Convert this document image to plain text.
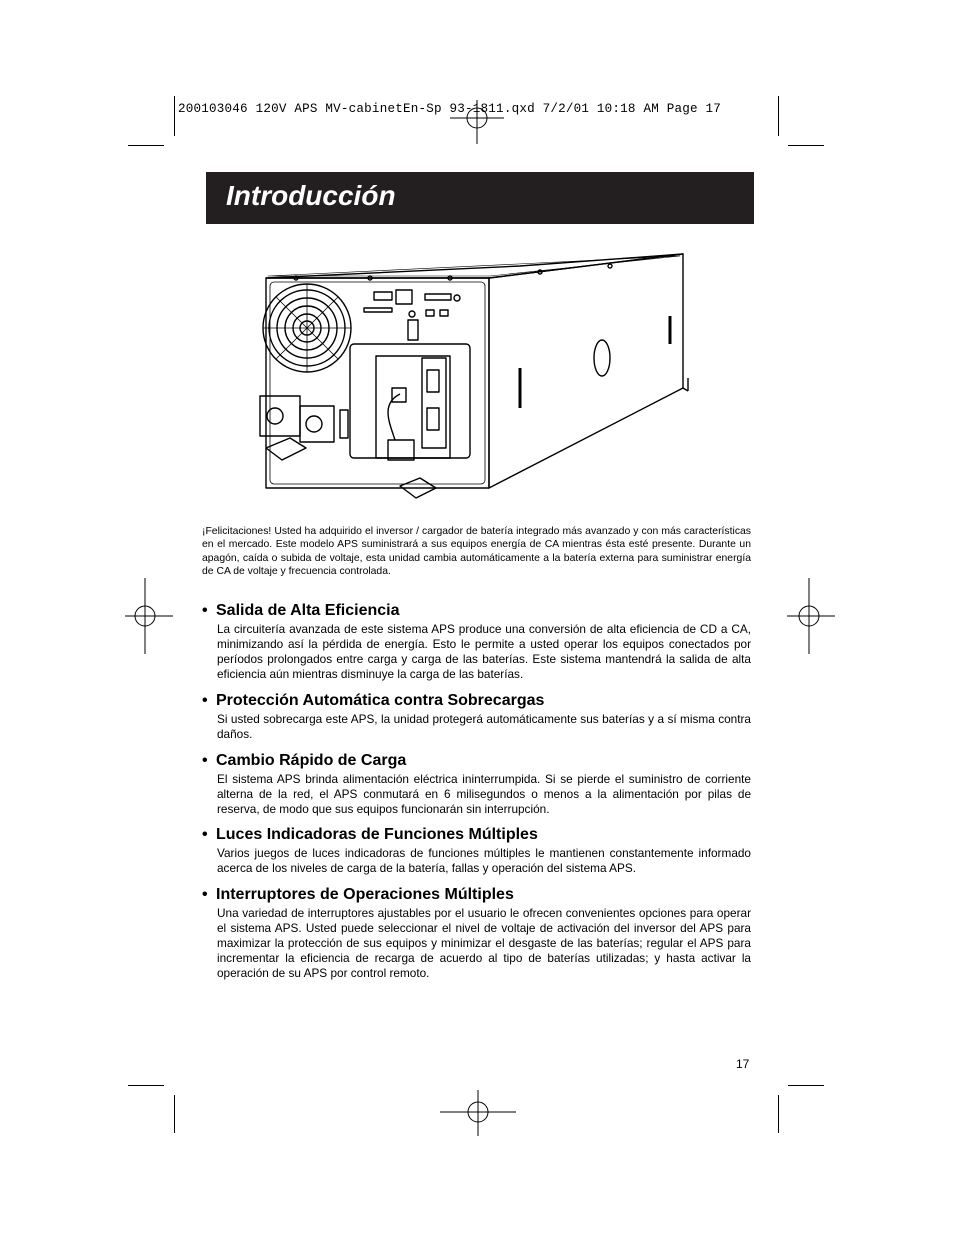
200103046 120V APS MV-cabinetEn-Sp 93-1811.qxd 7/2/01 10:18 AM Page 17
Introducción
¡Felicitaciones! Usted ha adquirido el inversor / cargador de batería integrado más avanzado y con más características en el mercado. Este modelo APS suministrará a sus equipos energía de CA mientras ésta esté presente. Durante un apagón, caída o subida de voltaje, esta unidad cambia automáticamente a la batería externa para suministrar energía de CA de voltaje y frecuencia controlada.
• Salida de Alta Eficiencia

La circuitería avanzada de este sistema APS produce una conversión de alta eficiencia de CD a CA, minimizando así la pérdida de energía. Esto le permite a usted operar los equipos conectados por períodos prolongados entre carga y carga de las baterías. Este sistema mantendrá la salida de alta eficiencia aún mientras disminuye la carga de las baterías.

• Protección Automática contra Sobrecargas

Si usted sobrecarga este APS, la unidad protegerá automáticamente sus baterías y a sí misma contra daños.

• Cambio Rápido de Carga

El sistema APS brinda alimentación eléctrica ininterrumpida. Si se pierde el suministro de corriente alterna de la red, el APS conmutará en 6 milisegundos o menos a la alimentación por pilas de reserva, de modo que sus equipos funcionarán sin interrupción.

• Luces Indicadoras de Funciones Múltiples

Varios juegos de luces indicadoras de funciones múltiples le mantienen constantemente informado acerca de los niveles de carga de la batería, fallas y operación del sistema APS.

• Interruptores de Operaciones Múltiples

Una variedad de interruptores ajustables por el usuario le ofrecen convenientes opciones para operar el sistema APS. Usted puede seleccionar el nivel de voltaje de activación del inversor del APS para maximizar la protección de sus equipos y minimizar el desgaste de las baterías; regular el APS para incrementar la eficiencia de recarga de acuerdo al tipo de baterías utilizadas; y hasta activar la operación de su APS por control remoto.

17
